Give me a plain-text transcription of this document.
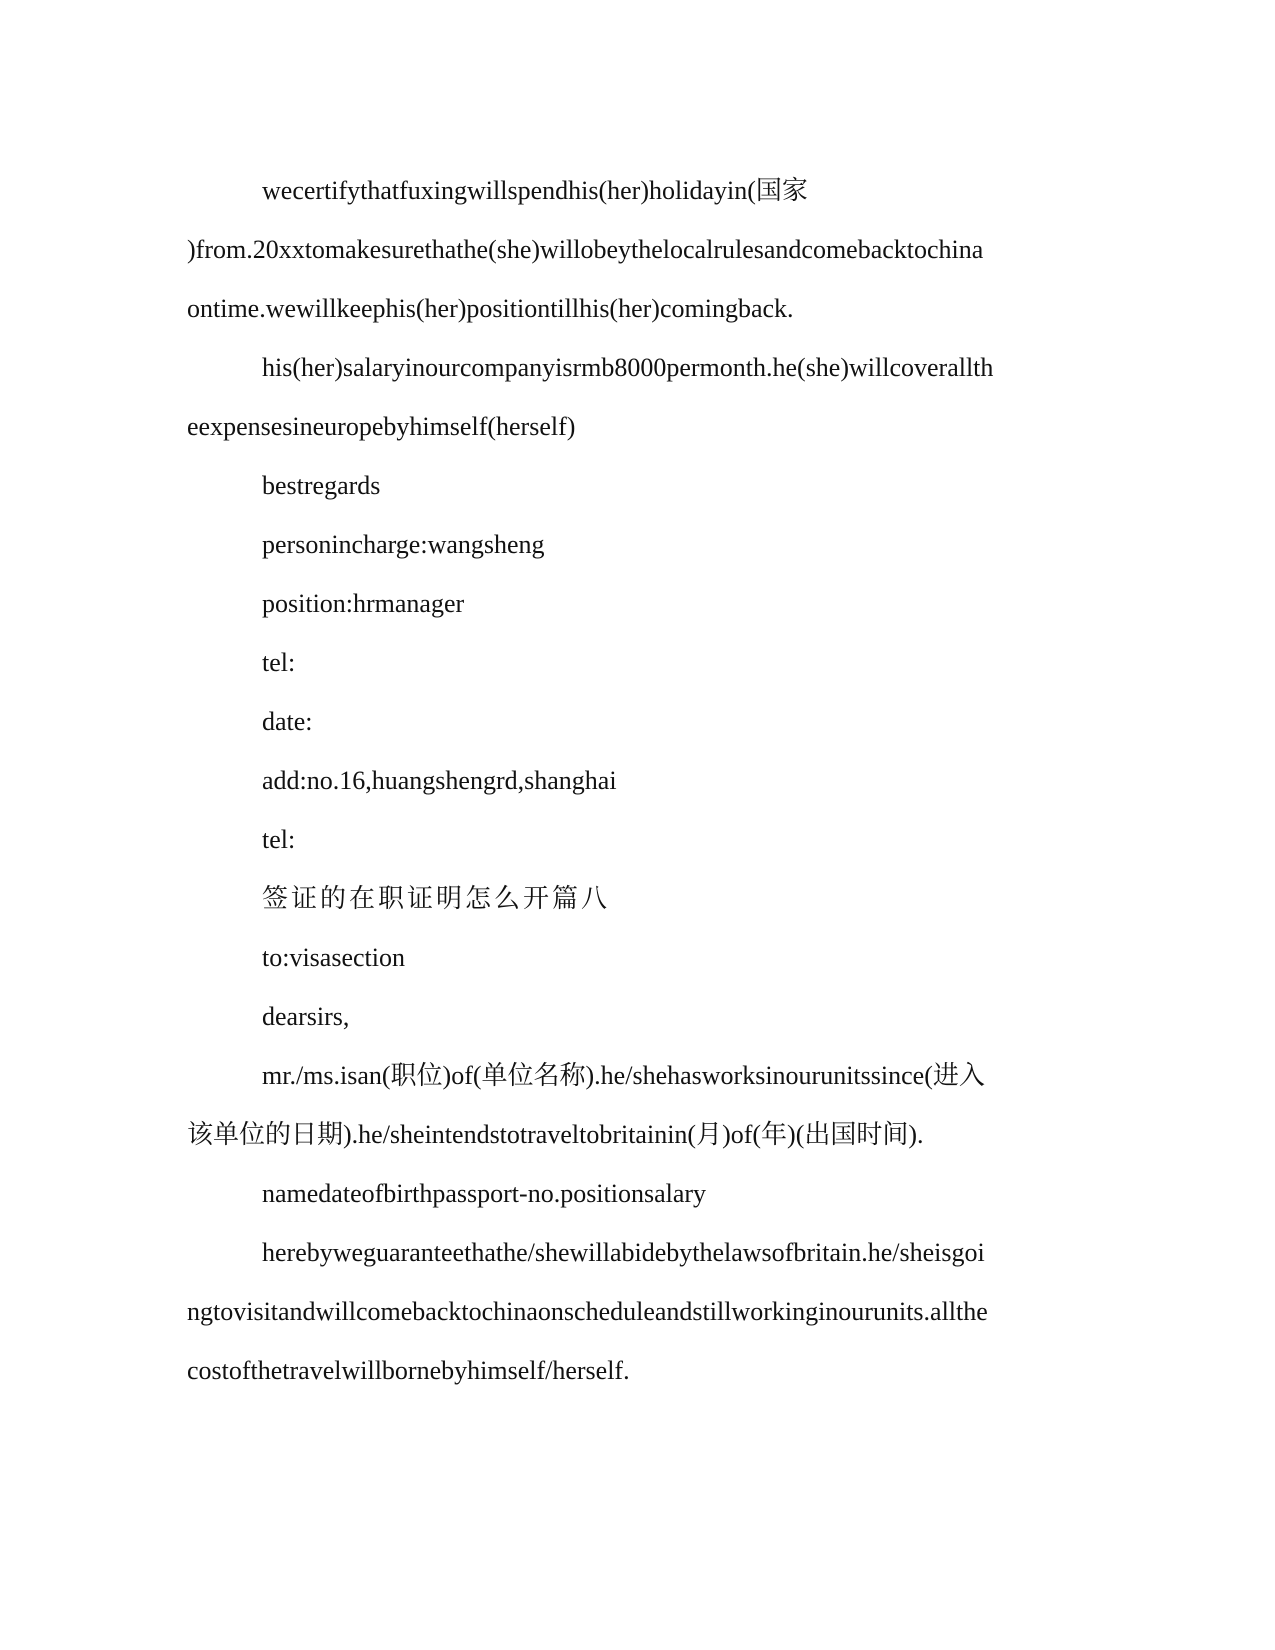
wecertifythatfuxingwillspendhis(her)holidayin(国家
)from.20xxtomakesurethathe(she)willobeythelocalrulesandcomebacktochina
ontime.wewillkeephis(her)positiontillhis(her)comingback.
his(her)salaryinourcompanyisrmb8000permonth.he(she)willcoverallth
eexpensesineuropebyhimself(herself)
bestregards
personincharge:wangsheng
position:hrmanager
tel:
date:
add:no.16,huangshengrd,shanghai
tel:
签证的在职证明怎么开篇八
to:visasection
dearsirs,
mr./ms.isan(职位)of(单位名称).he/shehasworksinourunitssince(进入
该单位的日期).he/sheintendstotraveltobritainin(月)of(年)(出国时间).
namedateofbirthpassport-no.positionsalary
herebyweguaranteethathe/shewillabidebythelawsofbritain.he/sheisgoi
ngtovisitandwillcomebacktochinaonscheduleandstillworkinginourunits.allthe
costofthetravelwillbornebyhimself/herself.
